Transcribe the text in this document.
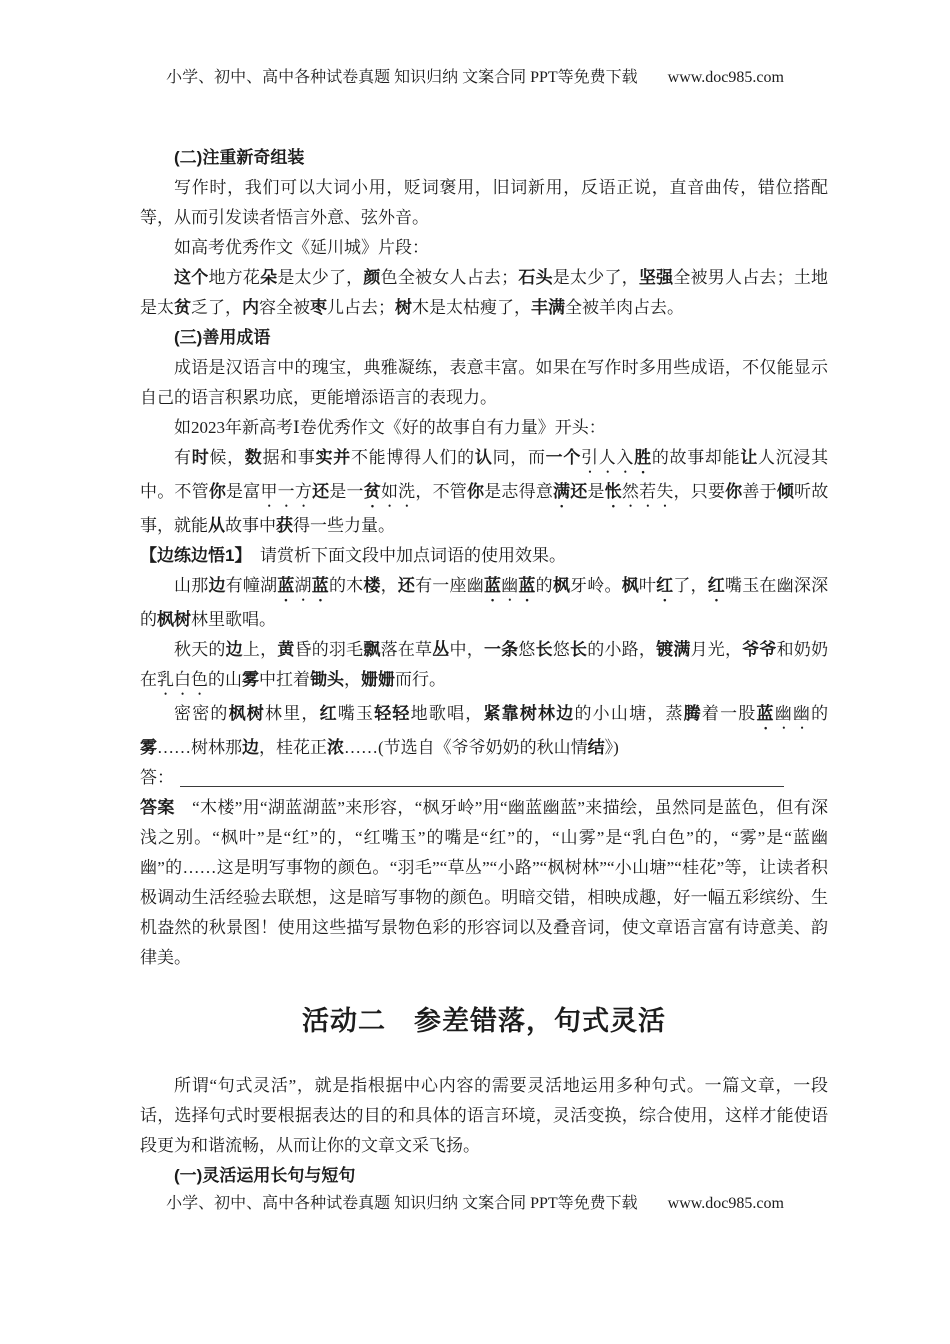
小学、初中、高中各种试卷真题 知识归纳 文案合同 PPT等免费下载 www.doc985.com

(二)注重新奇组装

写作时，我们可以大词小用，贬词褒用，旧词新用，反语正说，直音曲传，错位搭配等，从而引发读者悟言外意、弦外音。

如高考优秀作文《延川城》片段：

这个地方花朵是太少了，颜色全被女人占去；石头是太少了，坚强全被男人占去；土地是太贫乏了，内容全被枣儿占去；树木是太枯瘦了，丰满全被羊肉占去。

(三)善用成语

成语是汉语言中的瑰宝，典雅凝练，表意丰富。如果在写作时多用些成语，不仅能显示自己的语言积累功底，更能增添语言的表现力。

如2023年新高考Ⅰ卷优秀作文《好的故事自有力量》开头：

有时候，数据和事实并不能博得人们的认同，而一个引人入胜的故事却能让人沉浸其中。不管你是富甲一方还是一贫如洗，不管你是志得意满还是怅然若失，只要你善于倾听故事，就能从故事中获得一些力量。

【边练边悟1】　请赏析下面文段中加点词语的使用效果。

山那边有幢湖蓝湖蓝的木楼，还有一座幽蓝幽蓝的枫牙岭。枫叶红了，红嘴玉在幽深深的枫树林里歌唱。

秋天的边上，黄昏的羽毛飘落在草丛中，一条悠长悠长的小路，镀满月光，爷爷和奶奶在乳白色的山雾中扛着锄头，姗姗而行。

密密的枫树林里，红嘴玉轻轻地歌唱，紧靠树林边的小山塘，蒸腾着一股蓝幽幽的雾……树林那边，桂花正浓……(节选自《爷爷奶奶的秋山情结》)

答：

答案　“木楼”用“湖蓝湖蓝”来形容，“枫牙岭”用“幽蓝幽蓝”来描绘，虽然同是蓝色，但有深浅之别。“枫叶”是“红”的，“红嘴玉”的嘴是“红”的，“山雾”是“乳白色”的，“雾”是“蓝幽幽”的……这是明写事物的颜色。“羽毛”“草丛”“小路”“枫树林”“小山塘”“桂花”等，让读者积极调动生活经验去联想，这是暗写事物的颜色。明暗交错，相映成趣，好一幅五彩缤纷、生机盎然的秋景图！使用这些描写景物色彩的形容词以及叠音词，使文章语言富有诗意美、韵律美。

活动二　参差错落，句式灵活

所谓“句式灵活”，就是指根据中心内容的需要灵活地运用多种句式。一篇文章，一段话，选择句式时要根据表达的目的和具体的语言环境，灵活变换，综合使用，这样才能使语段更为和谐流畅，从而让你的文章文采飞扬。

(一)灵活运用长句与短句

小学、初中、高中各种试卷真题 知识归纳 文案合同 PPT等免费下载 www.doc985.com
